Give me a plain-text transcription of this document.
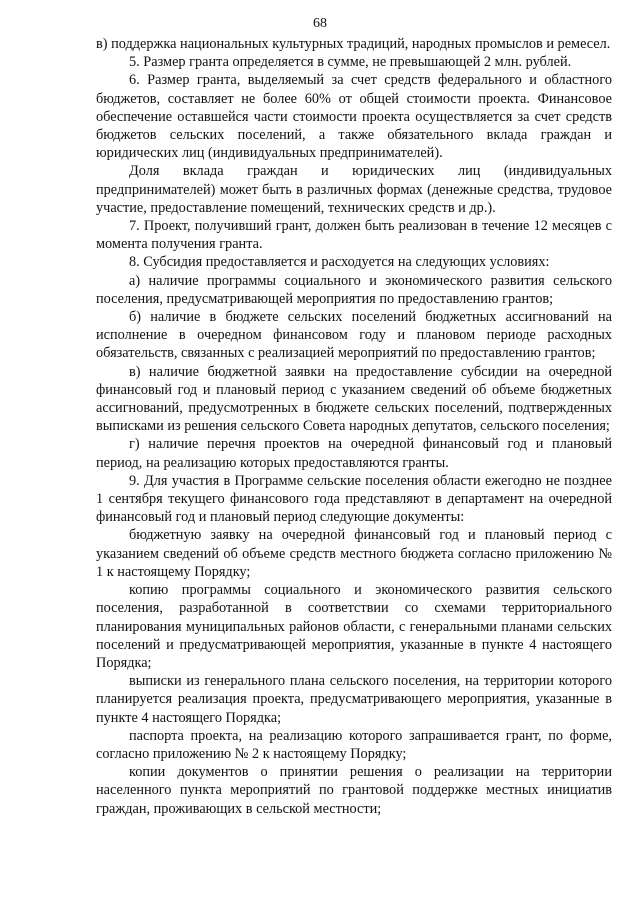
68

в) поддержка национальных культурных традиций, народных промыслов и ремесел.

5. Размер гранта определяется в сумме, не превышающей 2 млн. рублей.

6. Размер гранта, выделяемый за счет средств федерального и областного бюджетов, составляет не более 60% от общей стоимости проекта. Финансовое обеспечение оставшейся части стоимости проекта осуществляется за счет средств бюджетов сельских поселений, а также обязательного вклада граждан и юридических лиц (индивидуальных предпринимателей).

Доля вклада граждан и юридических лиц (индивидуальных предпринимателей) может быть в различных формах (денежные средства, трудовое участие, предоставление помещений, технических средств и др.).

7. Проект, получивший грант, должен быть реализован в течение 12 месяцев с момента получения гранта.

8. Субсидия предоставляется и расходуется на следующих условиях:

а) наличие программы социального и экономического развития сельского поселения, предусматривающей мероприятия по предоставлению грантов;

б) наличие в бюджете сельских поселений бюджетных ассигнований на исполнение в очередном финансовом году и плановом периоде расходных обязательств, связанных с реализацией мероприятий по предоставлению грантов;

в) наличие бюджетной заявки на предоставление субсидии на очередной финансовый год и плановый период с указанием сведений об объеме бюджетных ассигнований, предусмотренных в бюджете сельских поселений, подтвержденных выписками из решения сельского Совета народных депутатов, сельского поселения;

г) наличие перечня проектов на очередной финансовый год и плановый период, на реализацию которых предоставляются гранты.

9. Для участия в Программе сельские поселения области ежегодно не позднее 1 сентября текущего финансового года представляют в департамент на очередной финансовый год и плановый период следующие документы:

бюджетную заявку на очередной финансовый год и плановый период с указанием сведений об объеме средств местного бюджета согласно приложению № 1 к настоящему Порядку;

копию программы социального и экономического развития сельского поселения, разработанной в соответствии со схемами территориального планирования муниципальных районов области, с генеральными планами сельских поселений и предусматривающей мероприятия, указанные в пункте 4 настоящего Порядка;

выписки из генерального плана сельского поселения, на территории которого планируется реализация проекта, предусматривающего мероприятия, указанные в пункте 4 настоящего Порядка;

паспорта проекта, на реализацию которого запрашивается грант, по форме, согласно приложению № 2 к настоящему Порядку;

копии документов о принятии решения о реализации на территории населенного пункта мероприятий по грантовой поддержке местных инициатив граждан, проживающих в сельской местности;
